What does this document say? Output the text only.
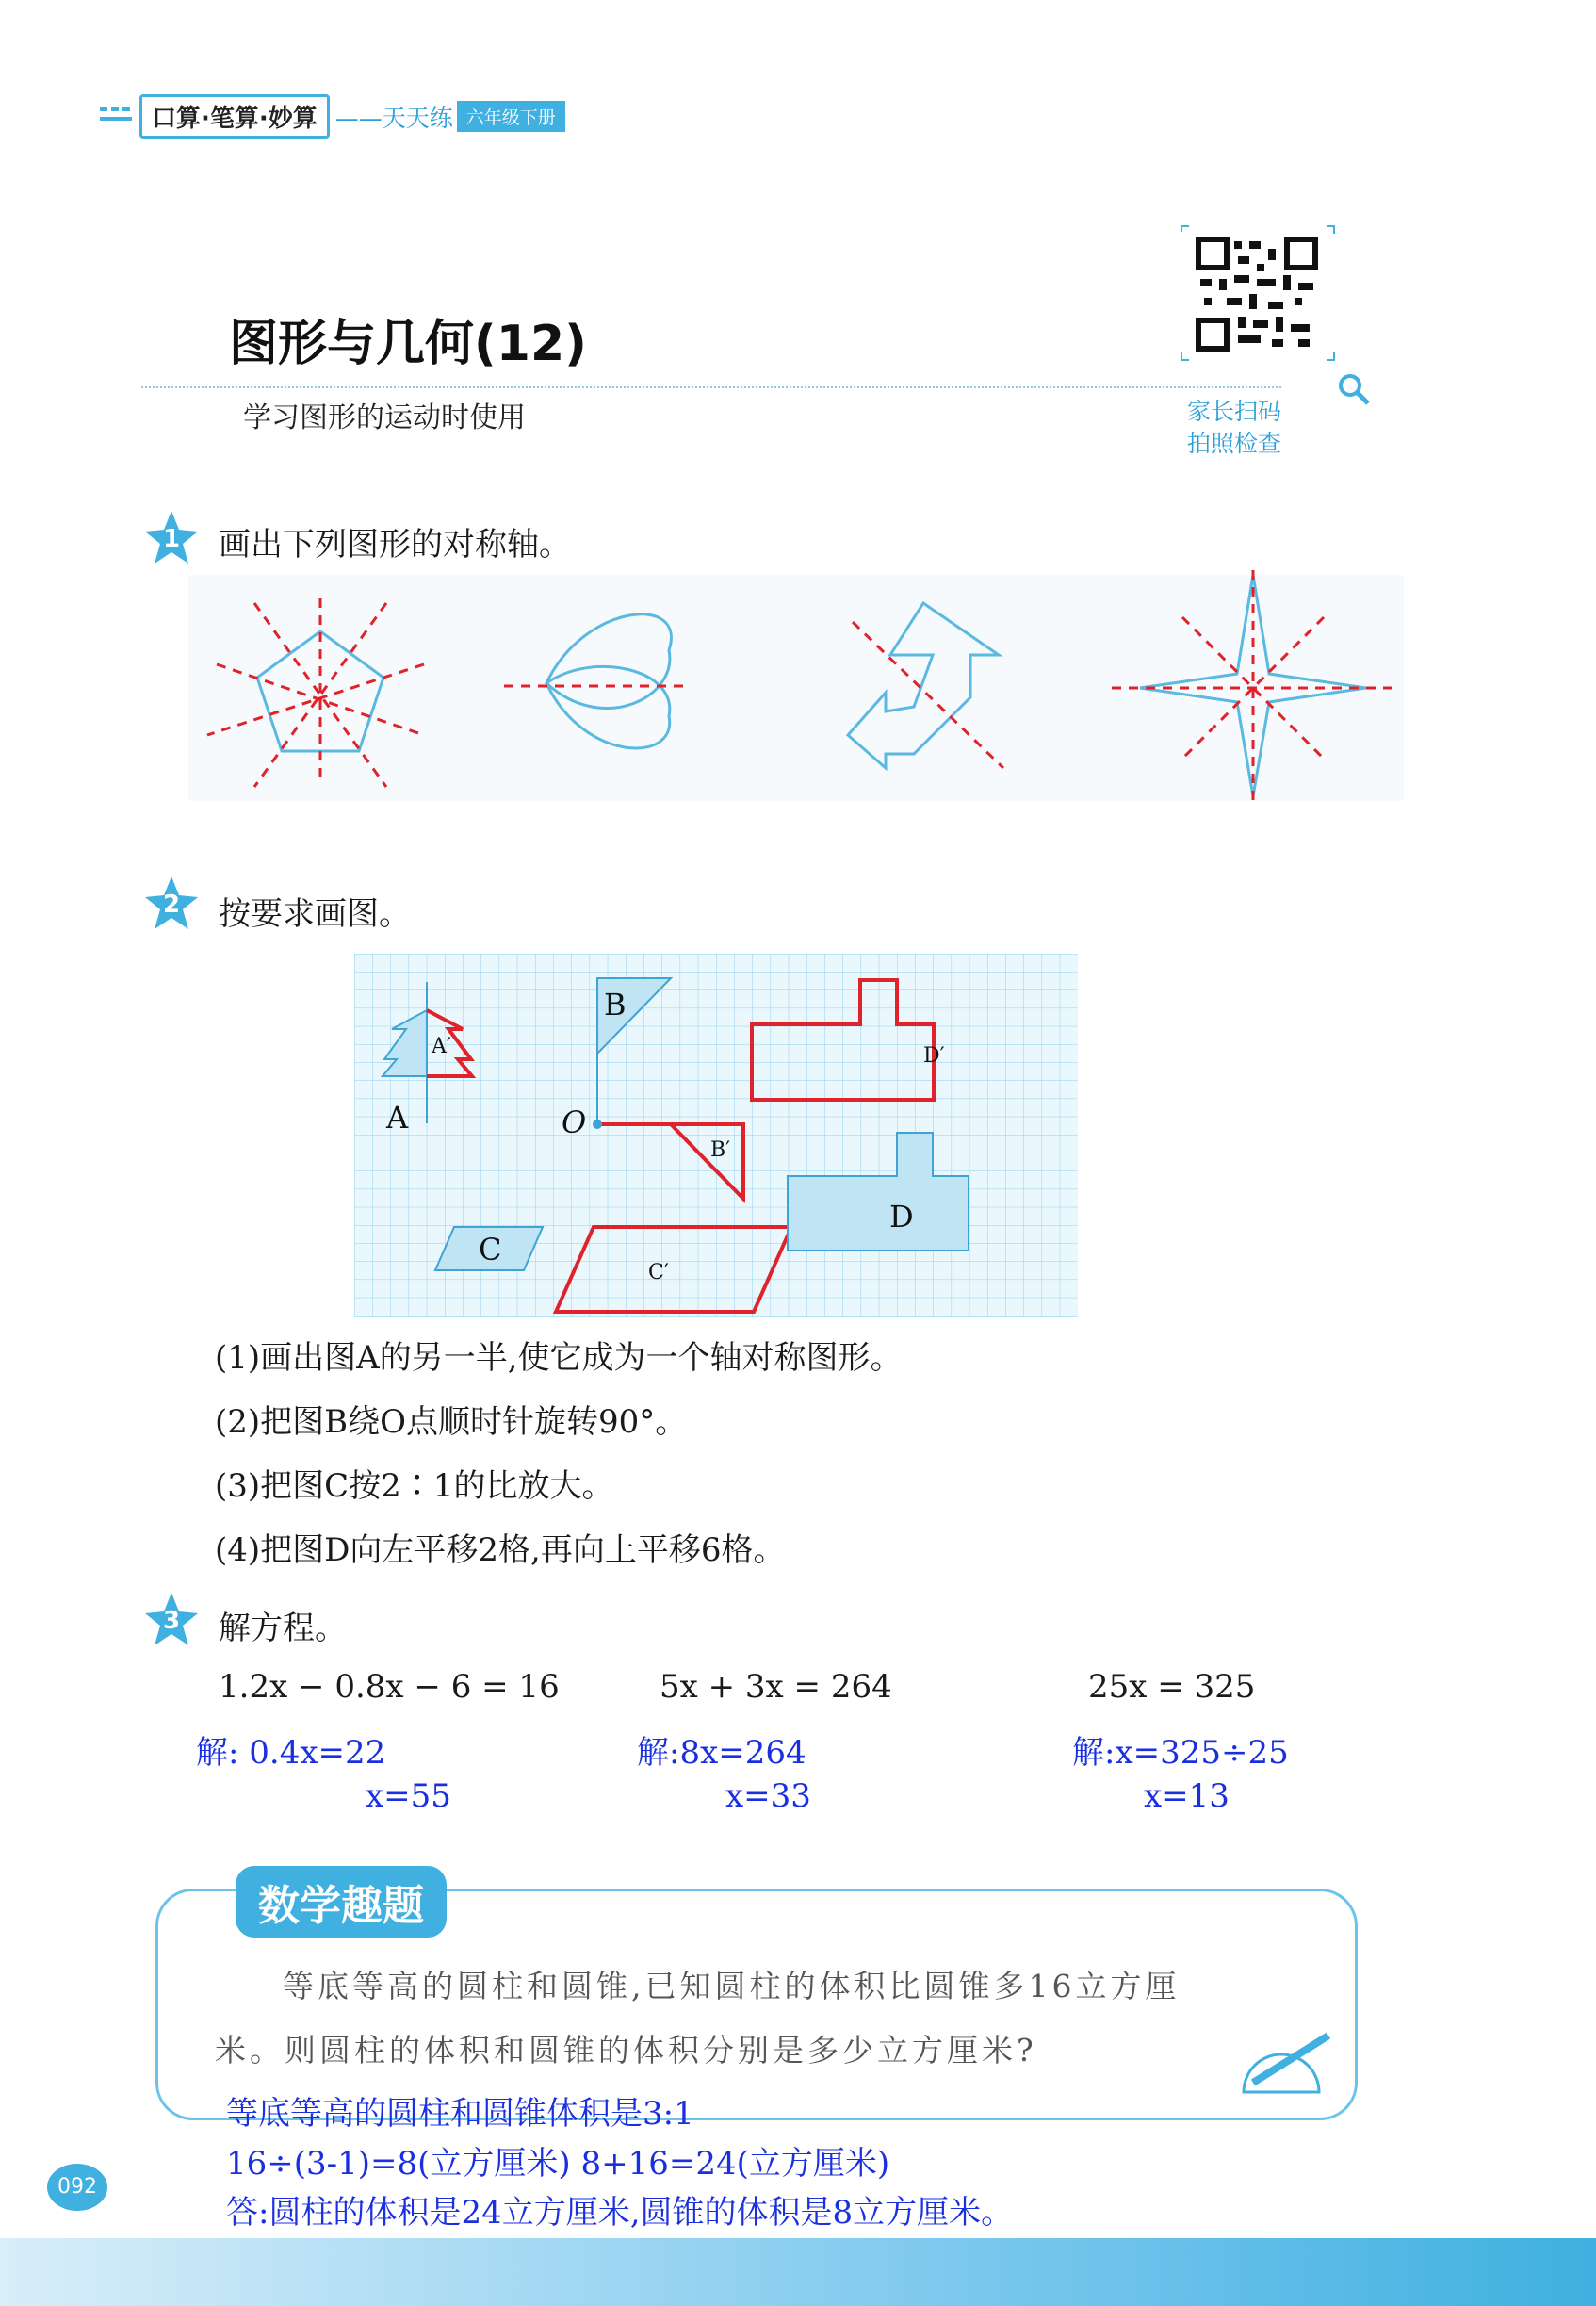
口算·笔算·妙算 ——天天练 六年级下册
图形与几何(12)
学习图形的运动时使用	家长扫码
拍照检查
1 画出下列图形的对称轴。
2 按要求画图。
A
A′
B
O
B′
C
C′
D′
D
(1)画出图A的另一半,使它成为一个轴对称图形。
(2)把图B绕O点顺时针旋转90°。
(3)把图C按2∶1的比放大。
(4)把图D向左平移2格,再向上平移6格。
3 解方程。
1.2x − 0.8x − 6 = 16
解: 0.4x=22
x=55
5x + 3x = 264
解:8x=264
x=33
25x = 325
解:x=325÷25
x=13
数学趣题
等底等高的圆柱和圆锥,已知圆柱的体积比圆锥多16立方厘
米。则圆柱的体积和圆锥的体积分别是多少立方厘米?
等底等高的圆柱和圆锥体积是3:1
16÷(3-1)=8(立方厘米) 8+16=24(立方厘米)
答:圆柱的体积是24立方厘米,圆锥的体积是8立方厘米。
092
